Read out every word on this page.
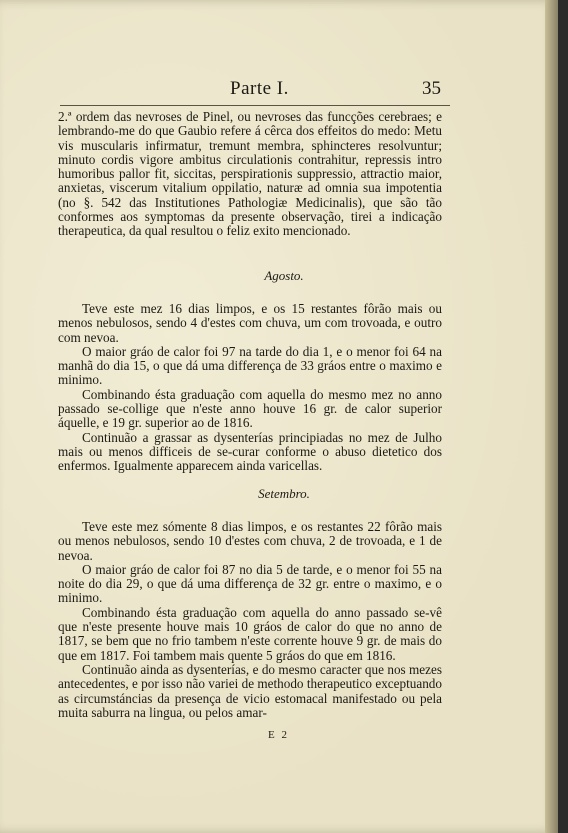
Parte I.	35

2.ª ordem das nevroses de Pinel, ou nevroses das funcções cerebraes; e lembrando-me do que Gaubio refere á cêrca dos effeitos do medo: Metu vis muscularis infirmatur, tremunt membra, sphincteres resolvuntur; minuto cordis vigore ambitus circulationis contrahitur, repressis intro humoribus pallor fit, siccitas, perspirationis suppressio, attractio maior, anxietas, viscerum vitalium oppilatio, naturæ ad omnia sua impotentia (no §. 542 das Institutiones Pathologiæ Medicinalis), que são tão conformes aos symptomas da presente observação, tirei a indicação therapeutica, da qual resultou o feliz exito mencionado.

Agosto.

Teve este mez 16 dias limpos, e os 15 restantes fôrão mais ou menos nebulosos, sendo 4 d'estes com chuva, um com trovoada, e outro com nevoa.

O maior gráo de calor foi 97 na tarde do dia 1, e o menor foi 64 na manhã do dia 15, o que dá uma differença de 33 gráos entre o maximo e minimo.

Combinando ésta graduação com aquella do mesmo mez no anno passado se-collige que n'este anno houve 16 gr. de calor superior áquelle, e 19 gr. superior ao de 1816.

Continuão a grassar as dysenterías principiadas no mez de Julho mais ou menos difficeis de se-curar conforme o abuso dietetico dos enfermos. Igualmente apparecem ainda varicellas.

Setembro.

Teve este mez sómente 8 dias limpos, e os restantes 22 fôrão mais ou menos nebulosos, sendo 10 d'estes com chuva, 2 de trovoada, e 1 de nevoa.

O maior gráo de calor foi 87 no dia 5 de tarde, e o menor foi 55 na noite do dia 29, o que dá uma differença de 32 gr. entre o maximo, e o minimo.

Combinando ésta graduação com aquella do anno passado se-vê que n'este presente houve mais 10 gráos de calor do que no anno de 1817, se bem que no frio tambem n'este corrente houve 9 gr. de mais do que em 1817. Foi tambem mais quente 5 gráos do que em 1816.

Continuão ainda as dysenterías, e do mesmo caracter que nos mezes antecedentes, e por isso não variei de methodo therapeutico exceptuando as circumstáncias da presença de vicio estomacal manifestado ou pela muita saburra na lingua, ou pelos amar-

E 2
